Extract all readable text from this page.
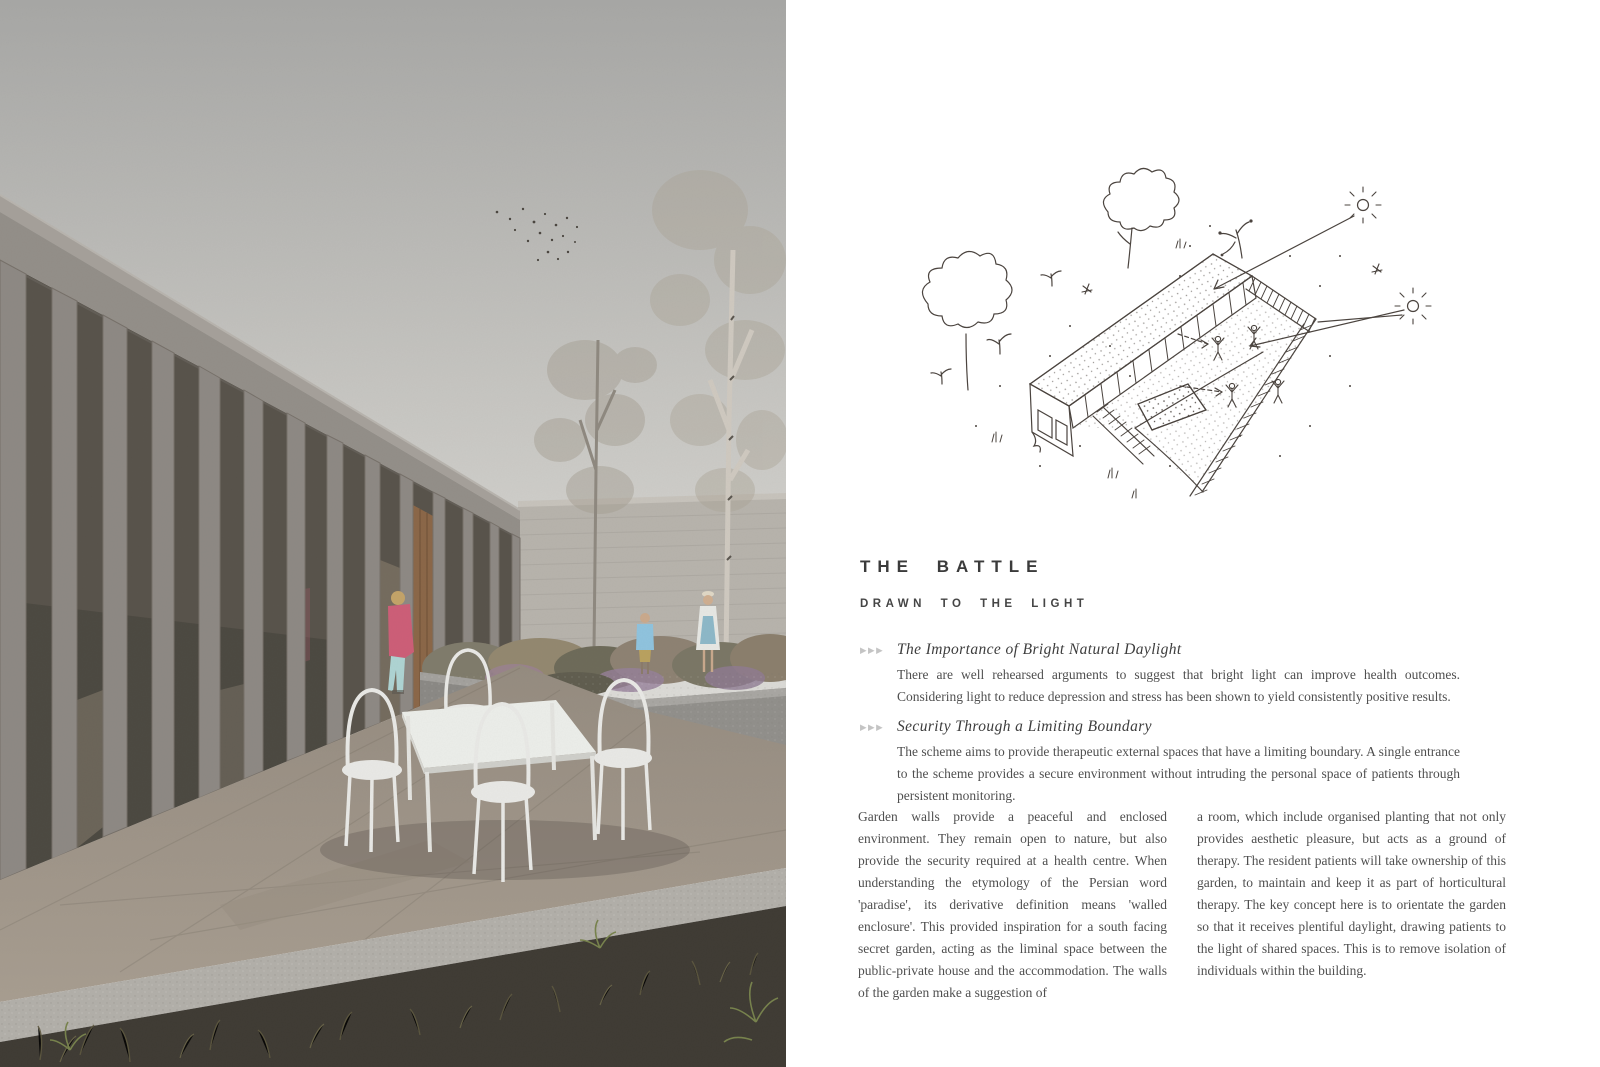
THE BATTLE
DRAWN TO THE LIGHT
▶▶▶ The Importance of Bright Natural Daylight
There are well rehearsed arguments to suggest that bright light can improve health outcomes. Considering light to reduce depression and stress has been shown to yield consistently positive results.
▶▶▶ Security Through a Limiting Boundary
The scheme aims to provide therapeutic external spaces that have a limiting boundary. A single entrance to the scheme provides a secure environment without intruding the personal space of patients through persistent monitoring.
Garden walls provide a peaceful and enclosed environment. They remain open to nature, but also provide the security required at a health centre. When understanding the etymology of the Persian word 'paradise', its derivative definition means 'walled enclosure'. This provided inspiration for a south facing secret garden, acting as the liminal space between the public-private house and the accommodation. The walls of the garden make a suggestion of
a room, which include organised planting that not only provides aesthetic pleasure, but acts as a ground of therapy. The resident patients will take ownership of this garden, to maintain and keep it as part of horticultural therapy. The key concept here is to orientate the garden so that it receives plentiful daylight, drawing patients to the light of shared spaces. This is to remove isolation of individuals within the building.
